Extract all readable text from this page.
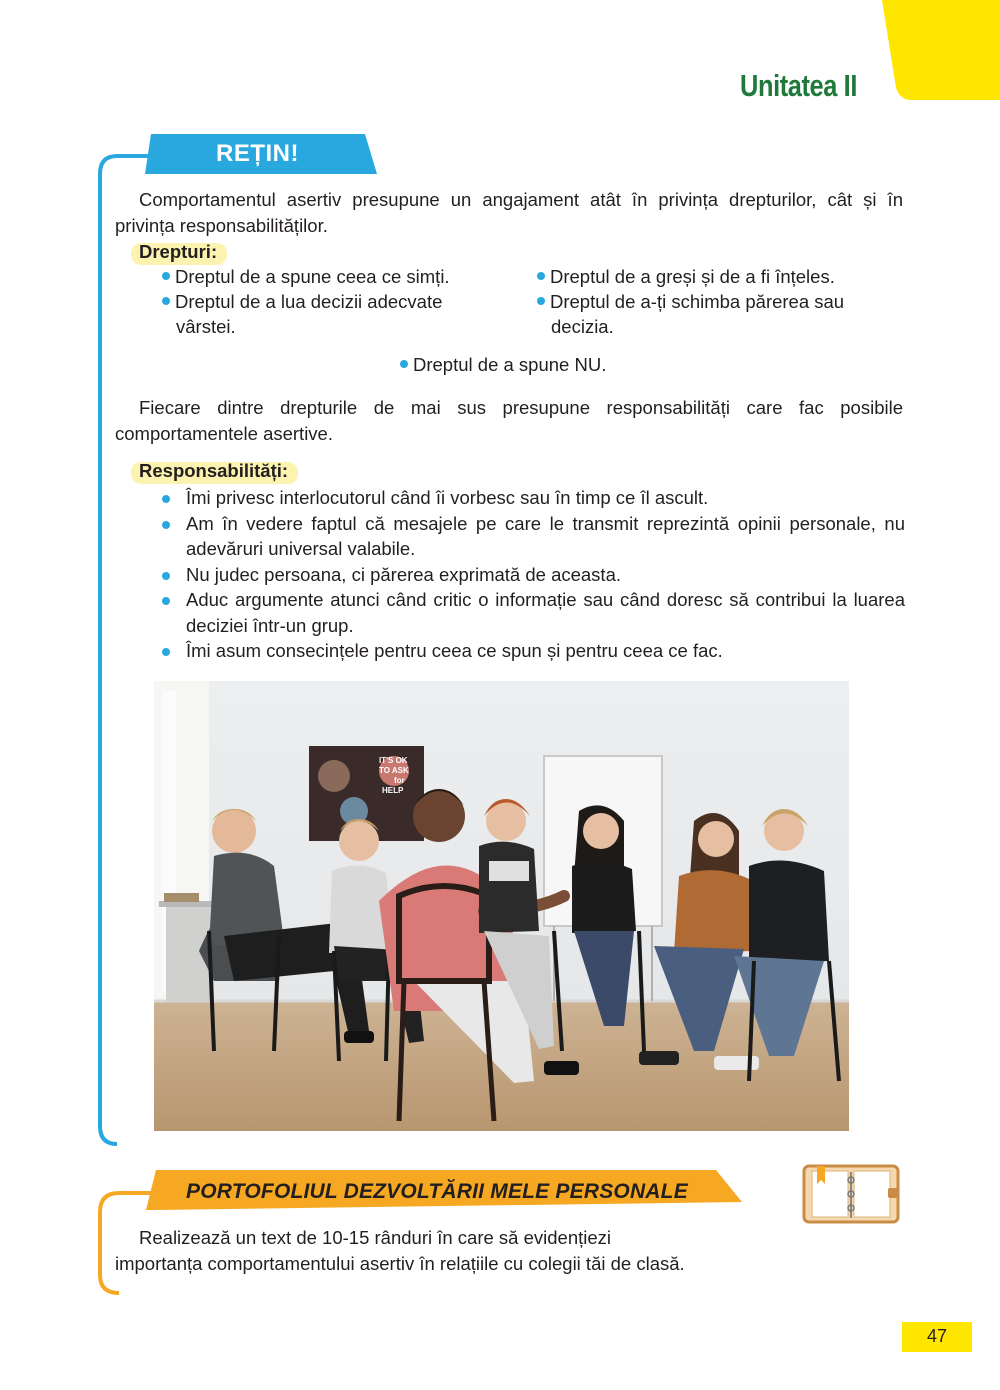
Unitatea II
REȚIN!

Comportamentul asertiv presupune un angajament atât în privința drepturilor, cât și în privința responsabilităților.

Drepturi:
Dreptul de a spune ceea ce simți.
Dreptul de a lua decizii adecvate vârstei.
Dreptul de a greși și de a fi înțeles.
Dreptul de a-ți schimba părerea sau decizia.
Dreptul de a spune NU.

Fiecare dintre drepturile de mai sus presupune responsabilități care fac posibile comportamentele asertive.

Responsabilități:
Îmi privesc interlocutorul când îi vorbesc sau în timp ce îl ascult.
Am în vedere faptul că mesajele pe care le transmit reprezintă opinii personale, nu adevăruri universal valabile.
Nu judec persoana, ci părerea exprimată de aceasta.
Aduc argumente atunci când critic o informație sau când doresc să contribui la luarea deciziei într-un grup.
Îmi asum consecințele pentru ceea ce spun și pentru ceea ce fac.
IT'S OK
TO ASK
for
HELP
PORTOFOLIUL DEZVOLTĂRII MELE PERSONALE
Realizează un text de 10-15 rânduri în care să evidențiezi
importanța comportamentului asertiv în relațiile cu colegii tăi de clasă.
47
